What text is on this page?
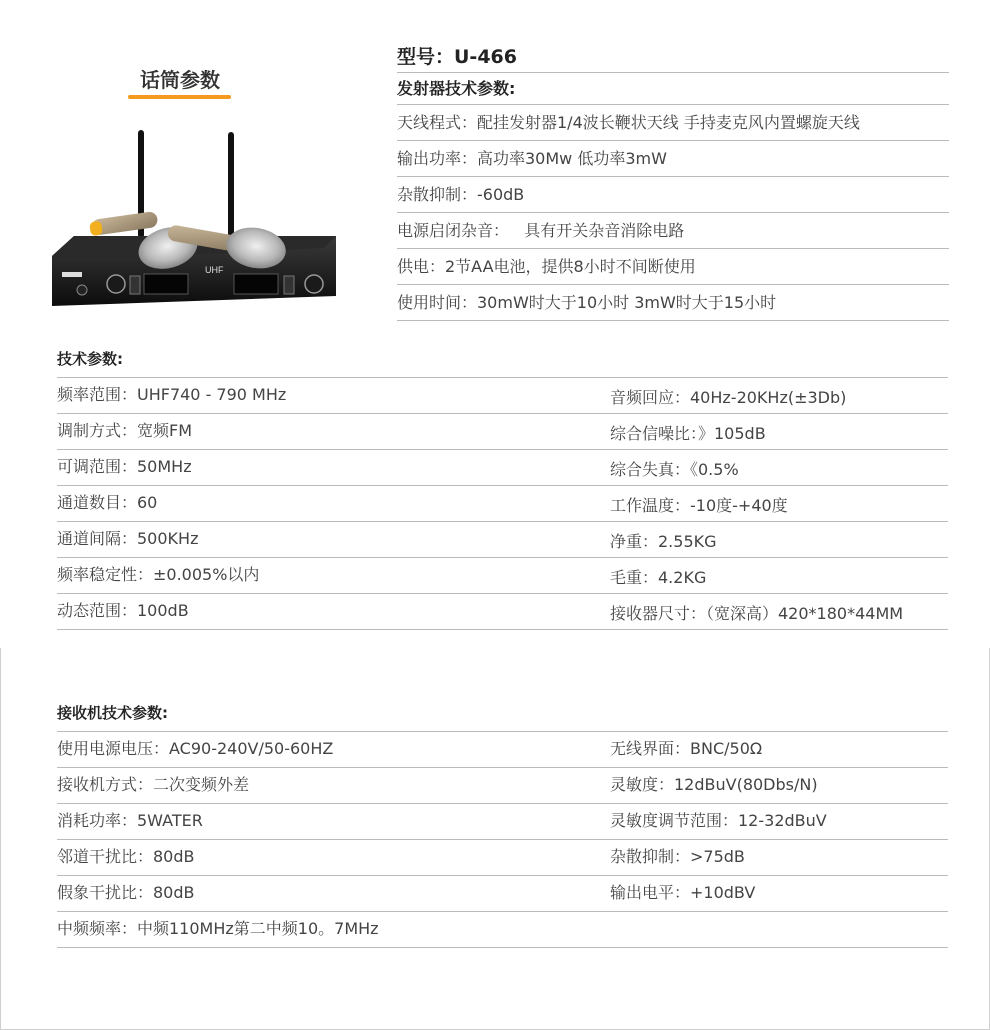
话筒参数
UHF
型号：U-466
发射器技术参数:
天线程式：配挂发射器1/4波长鞭状天线 手持麦克风内置螺旋天线
输出功率：高功率30Mw 低功率3mW
杂散抑制：-60dB
电源启闭杂音：   具有开关杂音消除电路
供电：2节AA电池，提供8小时不间断使用
使用时间：30mW时大于10小时 3mW时大于15小时
技术参数:
频率范围：UHF740 - 790 MHz	音频回应：40Hz-20KHz(±3Db)
调制方式：宽频FM	综合信噪比：》105dB
可调范围：50MHz	综合失真：《0.5%
通道数目：60	工作温度：-10度-+40度
通道间隔：500KHz	净重：2.55KG
频率稳定性：±0.005%以内	毛重：4.2KG
动态范围：100dB	接收器尺寸：（宽深高）420*180*44MM
接收机技术参数:
使用电源电压：AC90-240V/50-60HZ	无线界面：BNC/50Ω
接收机方式：二次变频外差	灵敏度：12dBuV(80Dbs/N)
消耗功率：5WATER	灵敏度调节范围：12-32dBuV
邻道干扰比：80dB	杂散抑制：>75dB
假象干扰比：80dB	输出电平：+10dBV
中频频率：中频110MHz第二中频10。7MHz
